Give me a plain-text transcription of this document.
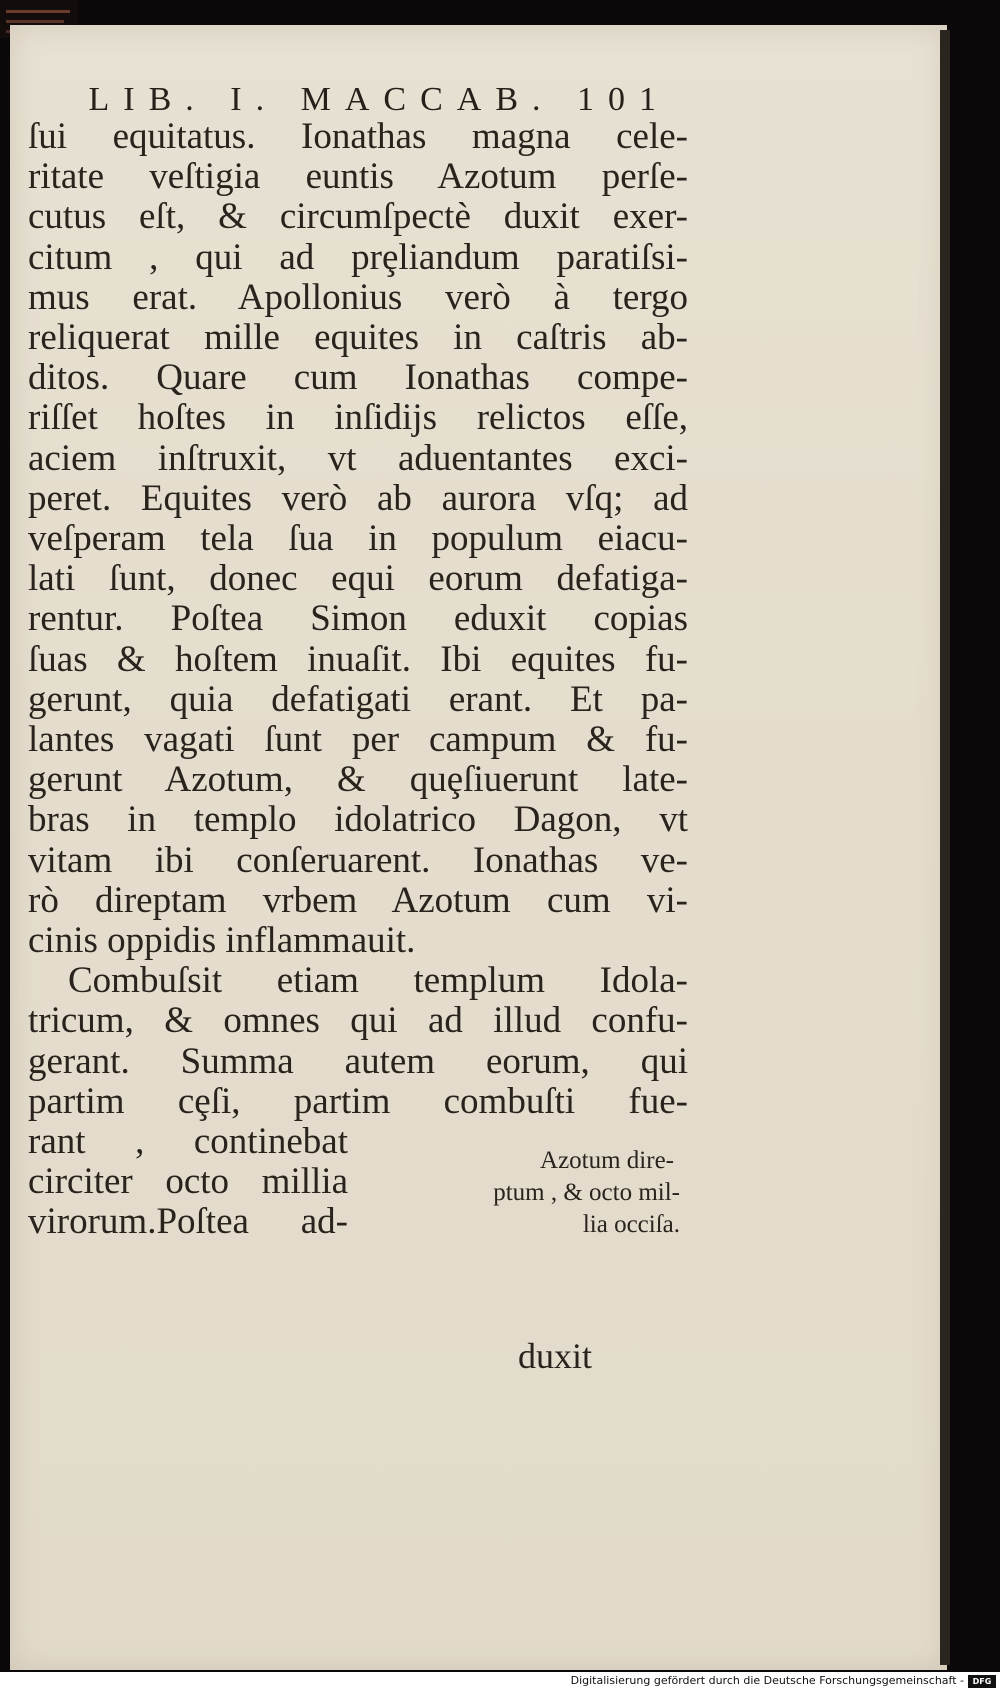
LIB. I. MACCAB. 101
ſui equitatus. Ionathas magna cele-
ritate veſtigia euntis Azotum perſe-
cutus eſt, & circumſpectè duxit exer-
citum , qui ad prȩliandum paratiſsi-
mus erat. Apollonius verò à tergo
reliquerat mille equites in caſtris ab-
ditos. Quare cum Ionathas compe-
riſſet hoſtes in inſidijs relictos eſſe,
aciem inſtruxit, vt aduentantes exci-
peret. Equites verò ab aurora vſq; ad
veſperam tela ſua in populum eiacu-
lati ſunt, donec equi eorum defatiga-
rentur. Poſtea Simon eduxit copias
ſuas & hoſtem inuaſit. Ibi equites fu-
gerunt, quia defatigati erant. Et pa-
lantes vagati ſunt per campum & fu-
gerunt Azotum, & quȩſiuerunt late-
bras in templo idolatrico Dagon, vt
vitam ibi conſeruarent. Ionathas ve-
rò direptam vrbem Azotum cum vi-
cinis oppidis inflammauit.
Combuſsit etiam templum Idola-
tricum, & omnes qui ad illud confu-
gerant. Summa autem eorum, qui
partim cȩſi, partim combuſti fue-
rant , continebat
circiter octo millia
virorum.Poſtea ad-
Azotum dire-
ptum , & octo mil-
lia occiſa.
duxit
Digitalisierung gefördert durch die Deutsche Forschungsgemeinschaft -	DFG
